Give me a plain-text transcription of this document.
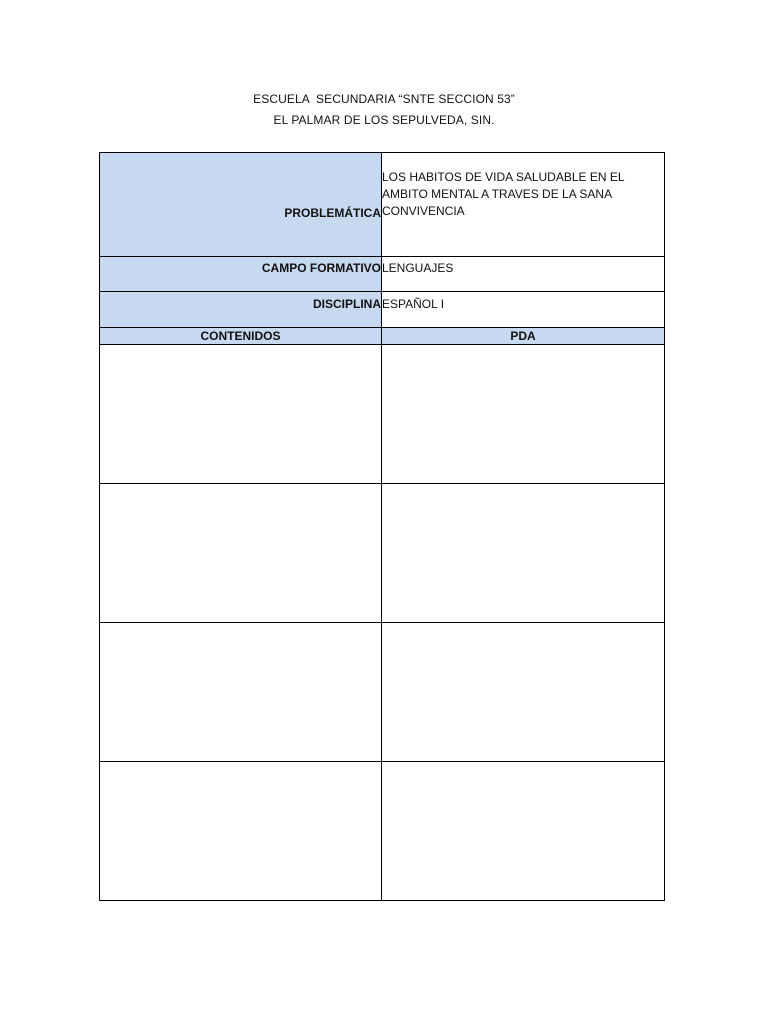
ESCUELA  SECUNDARIA “SNTE SECCION 53”
EL PALMAR DE LOS SEPULVEDA, SIN.
PROBLEMÁTICA	LOS HABITOS DE VIDA SALUDABLE EN EL AMBITO MENTAL A TRAVES DE LA SANA CONVIVENCIA
CAMPO FORMATIVO	LENGUAJES
DISCIPLINA	ESPAÑOL I
CONTENIDOS	PDA
